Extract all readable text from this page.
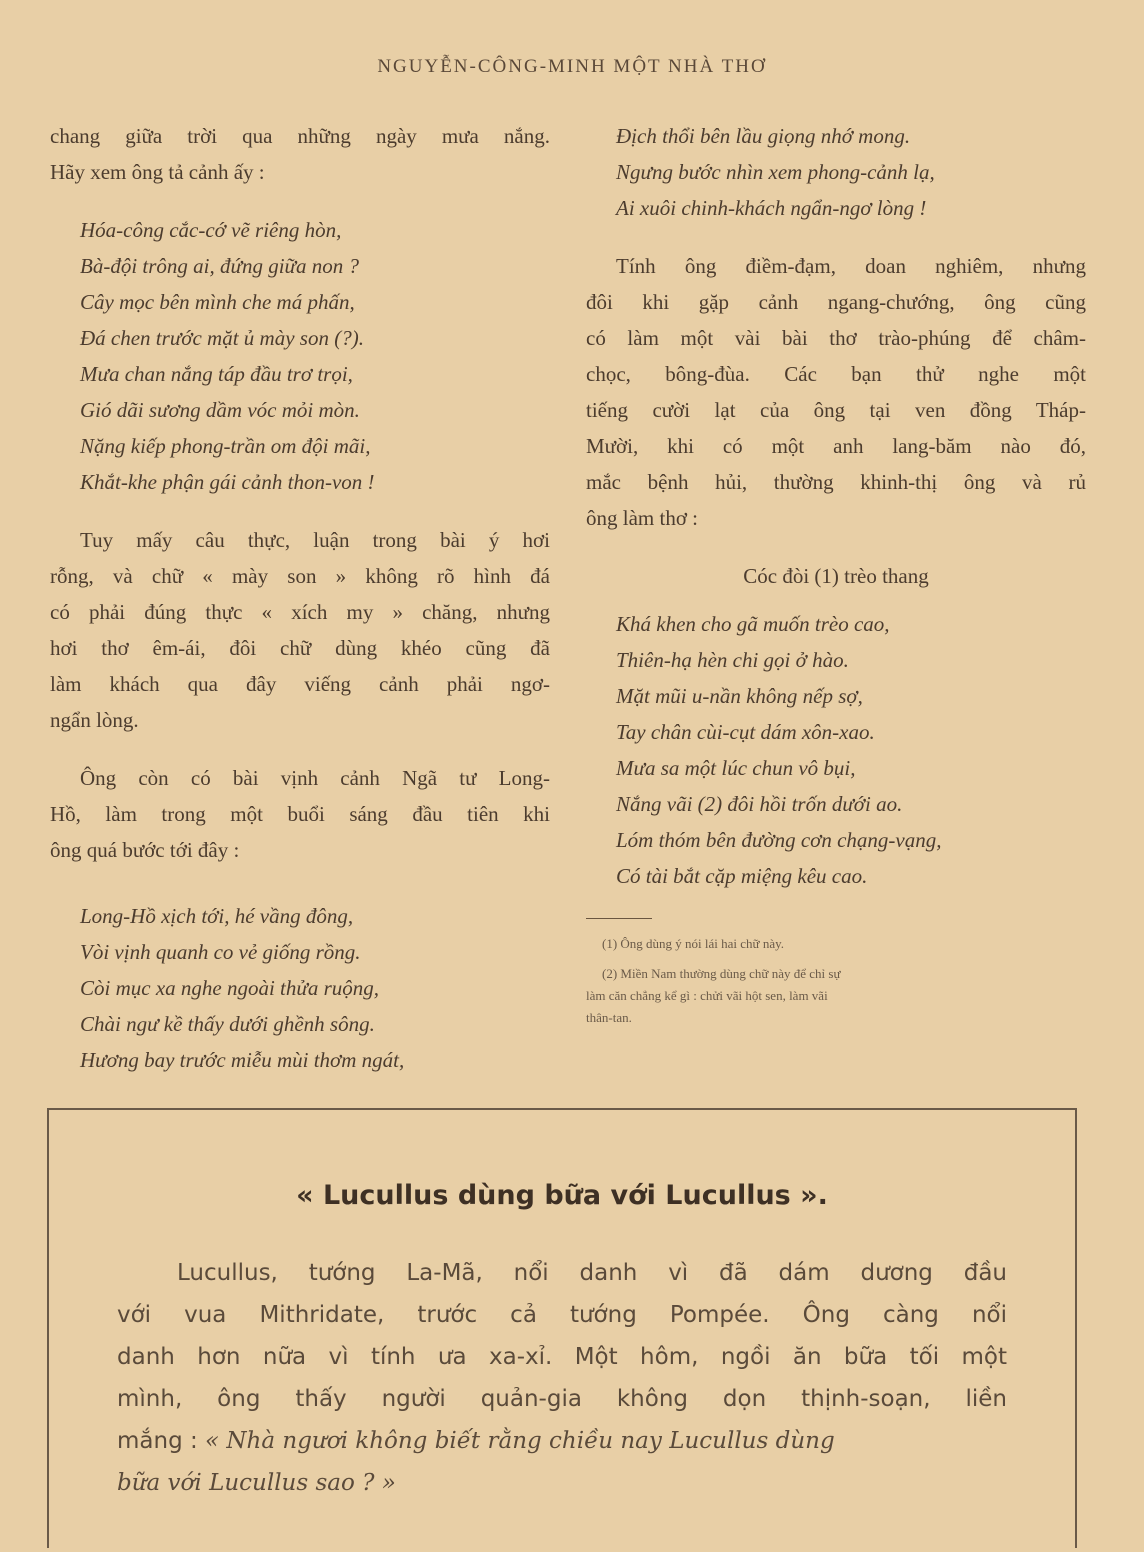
NGUYỄN-CÔNG-MINH MỘT NHÀ THƠ
chang giữa trời qua những ngày mưa nắng.
Hãy xem ông tả cảnh ấy :
Hóa-công cắc-cớ vẽ riêng hòn,
Bà-đội trông ai, đứng giữa non ?
Cây mọc bên mình che má phấn,
Đá chen trước mặt ủ mày son (?).
Mưa chan nắng táp đầu trơ trọi,
Gió dãi sương dầm vóc mỏi mòn.
Nặng kiếp phong-trần om đội mãi,
Khắt-khe phận gái cảnh thon-von !
Tuy mấy câu thực, luận trong bài ý hơi
rỗng, và chữ « mày son » không rõ hình đá
có phải đúng thực « xích my » chăng, nhưng
hơi thơ êm-ái, đôi chữ dùng khéo cũng đã
làm khách qua đây viếng cảnh phải ngơ-
ngẩn lòng.
Ông còn có bài vịnh cảnh Ngã tư Long-
Hồ, làm trong một buổi sáng đầu tiên khi
ông quá bước tới đây :
Long-Hồ xịch tới, hé vầng đông,
Vòi vịnh quanh co vẻ giống rồng.
Còi mục xa nghe ngoài thửa ruộng,
Chài ngư kề thấy dưới ghềnh sông.
Hương bay trước miễu mùi thơm ngát,
Địch thổi bên lầu giọng nhớ mong.
Ngưng bước nhìn xem phong-cảnh lạ,
Ai xuôi chinh-khách ngẩn-ngơ lòng !
Tính ông điềm-đạm, doan nghiêm, nhưng
đôi khi gặp cảnh ngang-chướng, ông cũng
có làm một vài bài thơ trào-phúng để châm-
chọc, bông-đùa. Các bạn thử nghe một
tiếng cười lạt của ông tại ven đồng Tháp-
Mười, khi có một anh lang-băm nào đó,
mắc bệnh hủi, thường khinh-thị ông và rủ
ông làm thơ :
Cóc đòi (1) trèo thang
Khá khen cho gã muốn trèo cao,
Thiên-hạ hèn chi gọi ở hào.
Mặt mũi u-nần không nếp sợ,
Tay chân cùi-cụt dám xôn-xao.
Mưa sa một lúc chun vô bụi,
Nắng vãi (2) đôi hồi trốn dưới ao.
Lóm thóm bên đường cơn chạng-vạng,
Có tài bắt cặp miệng kêu cao.
(1) Ông dùng ý nói lái hai chữ này.
(2) Miền Nam thường dùng chữ này để chỉ sự
làm căn chẳng kể gì : chửi vãi hột sen, làm vãi
thân-tan.
« Lucullus dùng bữa với Lucullus ».
Lucullus, tướng La-Mã, nổi danh vì đã dám dương đầu
với vua Mithridate, trước cả tướng Pompée. Ông càng nổi
danh hơn nữa vì tính ưa xa-xỉ. Một hôm, ngồi ăn bữa tối một
mình, ông thấy người quản-gia không dọn thịnh-soạn, liền
mắng : « Nhà ngươi không biết rằng chiều nay Lucullus dùng
bữa với Lucullus sao ? »
